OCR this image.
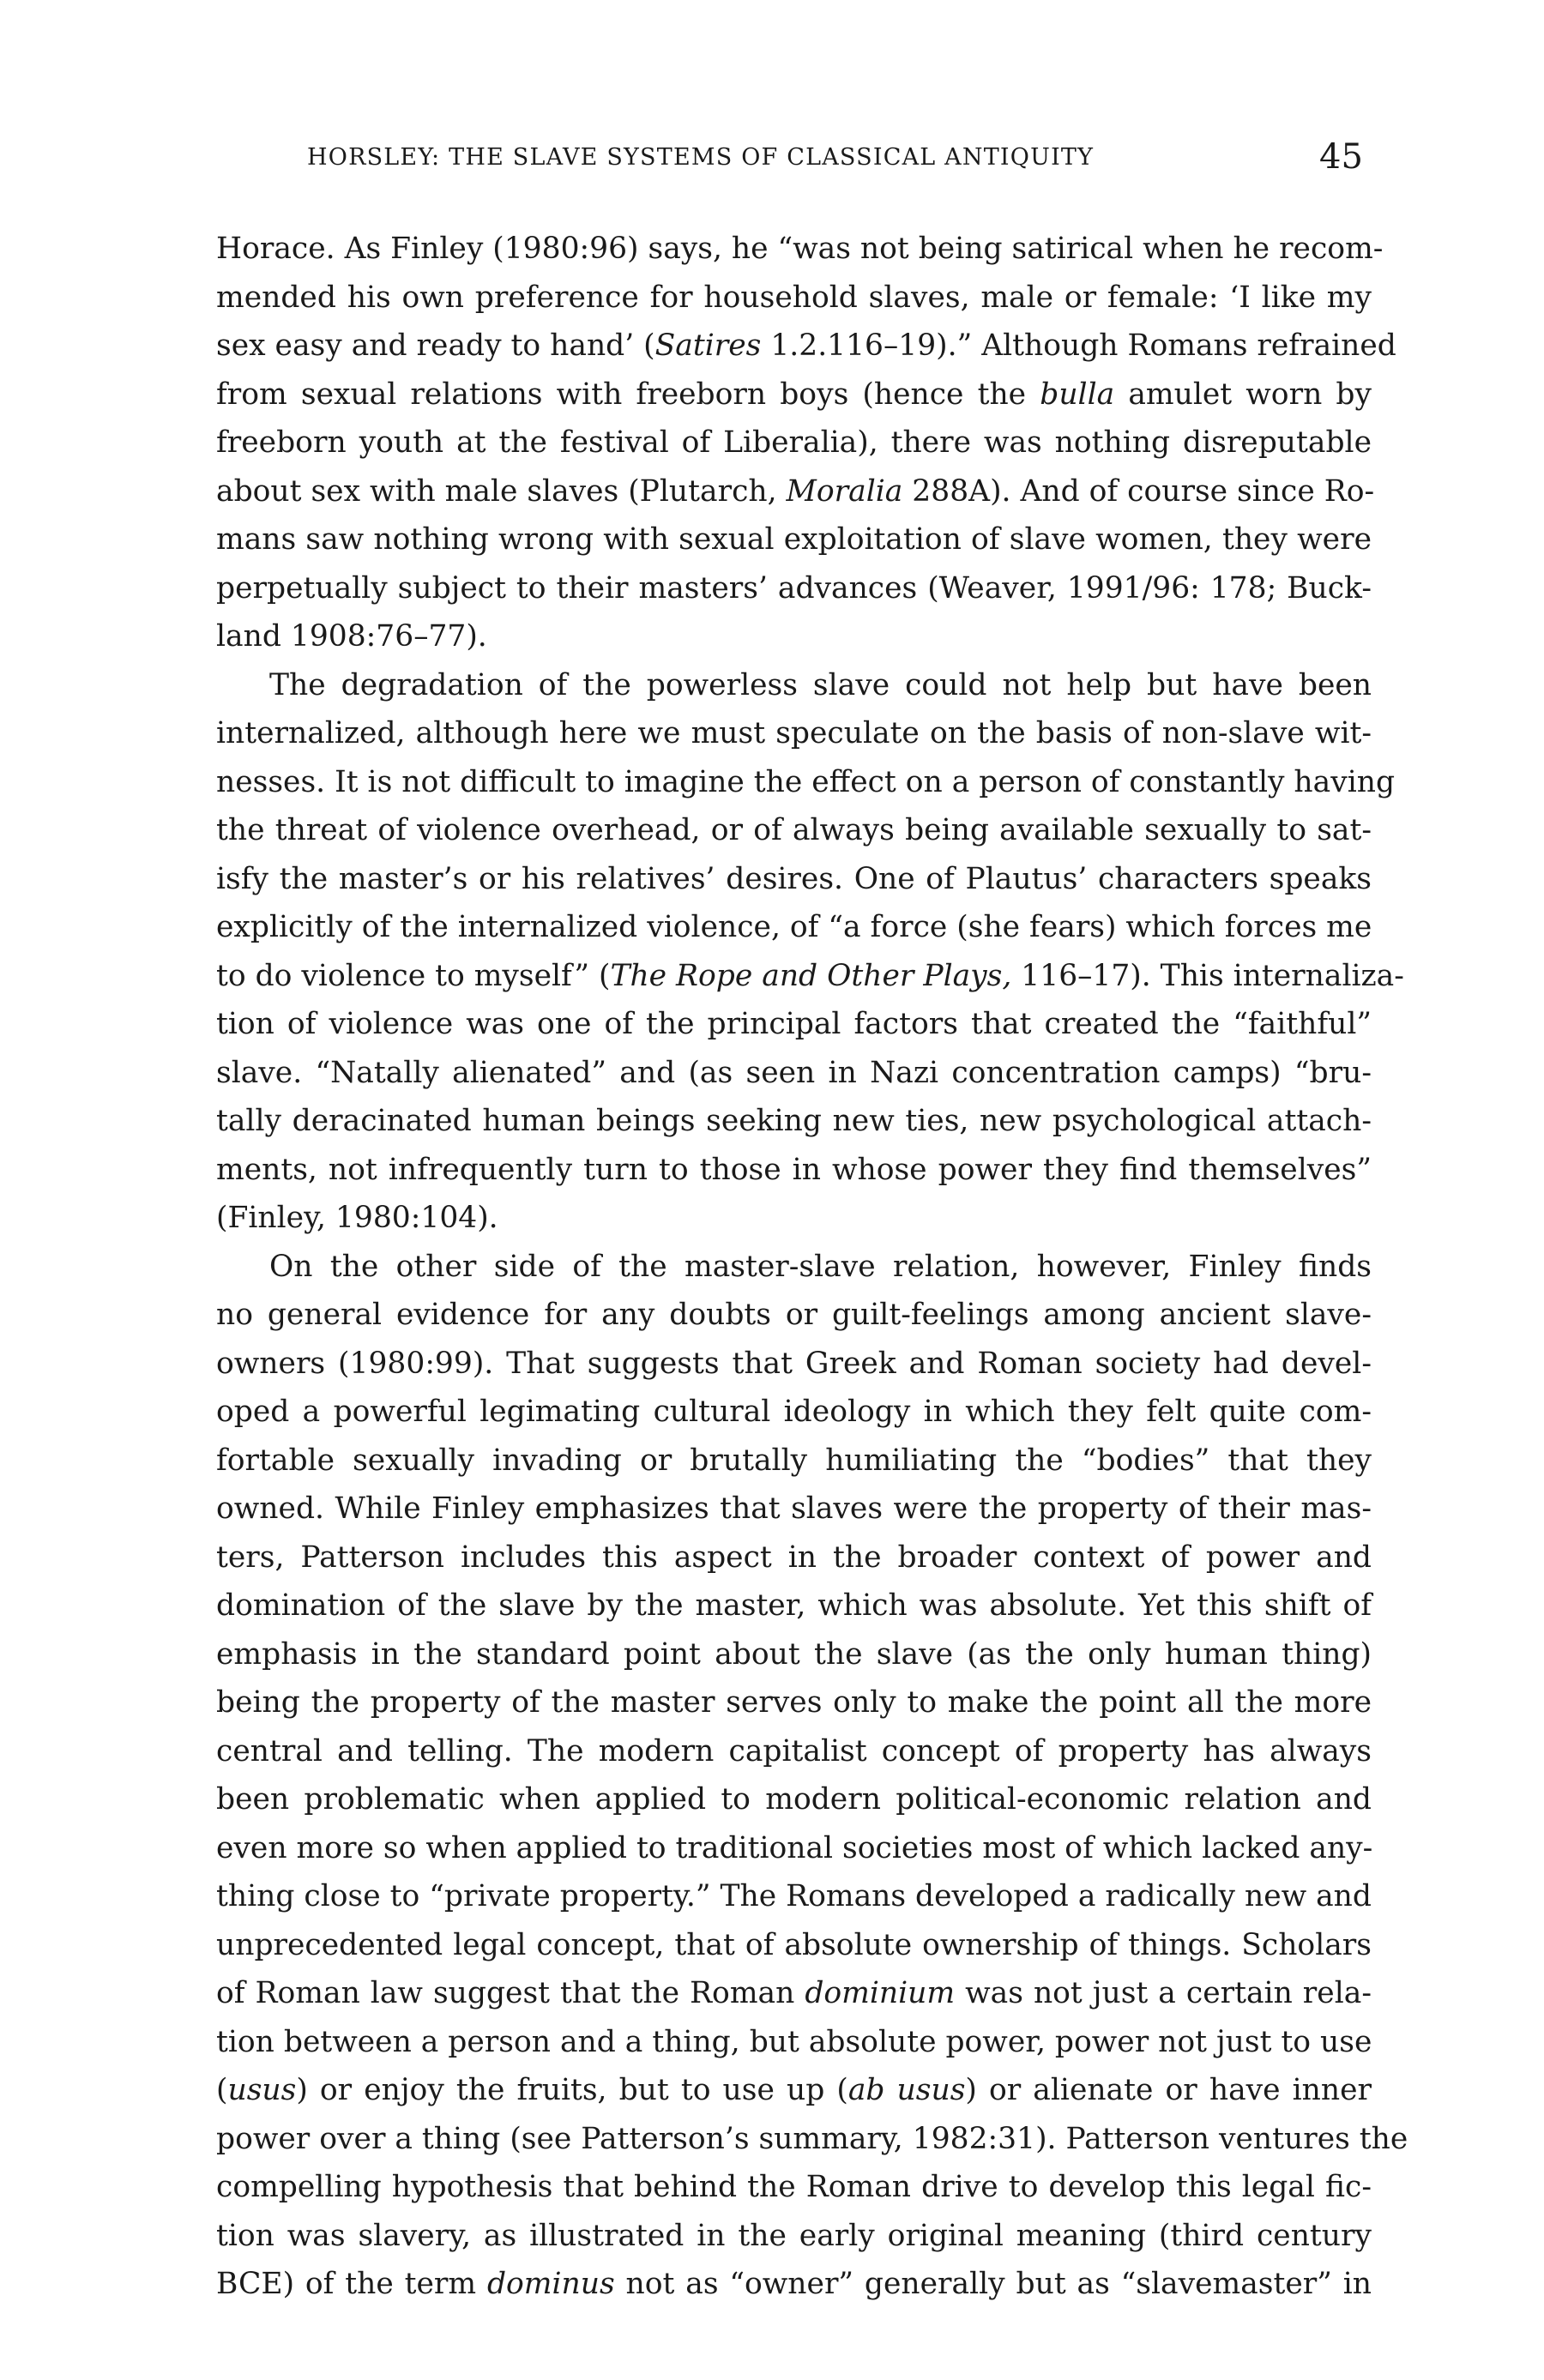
HORSLEY: THE SLAVE SYSTEMS OF CLASSICAL ANTIQUITY	45
Horace. As Finley (1980:96) says, he “was not being satirical when he recom-
mended his own preference for household slaves, male or female: ‘I like my
sex easy and ready to hand’ (Satires 1.2.116–19).” Although Romans refrained
from sexual relations with freeborn boys (hence the bulla amulet worn by
freeborn youth at the festival of Liberalia), there was nothing disreputable
about sex with male slaves (Plutarch, Moralia 288A). And of course since Ro-
mans saw nothing wrong with sexual exploitation of slave women, they were
perpetually subject to their masters’ advances (Weaver, 1991/96: 178; Buck-
land 1908:76–77).
The degradation of the powerless slave could not help but have been
internalized, although here we must speculate on the basis of non-slave wit-
nesses. It is not difficult to imagine the effect on a person of constantly having
the threat of violence overhead, or of always being available sexually to sat-
isfy the master’s or his relatives’ desires. One of Plautus’ characters speaks
explicitly of the internalized violence, of “a force (she fears) which forces me
to do violence to myself” (The Rope and Other Plays, 116–17). This internaliza-
tion of violence was one of the principal factors that created the “faithful”
slave. “Natally alienated” and (as seen in Nazi concentration camps) “bru-
tally deracinated human beings seeking new ties, new psychological attach-
ments, not infrequently turn to those in whose power they find themselves”
(Finley, 1980:104).
On the other side of the master-slave relation, however, Finley finds
no general evidence for any doubts or guilt-feelings among ancient slave-
owners (1980:99). That suggests that Greek and Roman society had devel-
oped a powerful legimating cultural ideology in which they felt quite com-
fortable sexually invading or brutally humiliating the “bodies” that they
owned. While Finley emphasizes that slaves were the property of their mas-
ters, Patterson includes this aspect in the broader context of power and
domination of the slave by the master, which was absolute. Yet this shift of
emphasis in the standard point about the slave (as the only human thing)
being the property of the master serves only to make the point all the more
central and telling. The modern capitalist concept of property has always
been problematic when applied to modern political-economic relation and
even more so when applied to traditional societies most of which lacked any-
thing close to “private property.” The Romans developed a radically new and
unprecedented legal concept, that of absolute ownership of things. Scholars
of Roman law suggest that the Roman dominium was not just a certain rela-
tion between a person and a thing, but absolute power, power not just to use
(usus) or enjoy the fruits, but to use up (ab usus) or alienate or have inner
power over a thing (see Patterson’s summary, 1982:31). Patterson ventures the
compelling hypothesis that behind the Roman drive to develop this legal fic-
tion was slavery, as illustrated in the early original meaning (third century
BCE) of the term dominus not as “owner” generally but as “slavemaster” in
